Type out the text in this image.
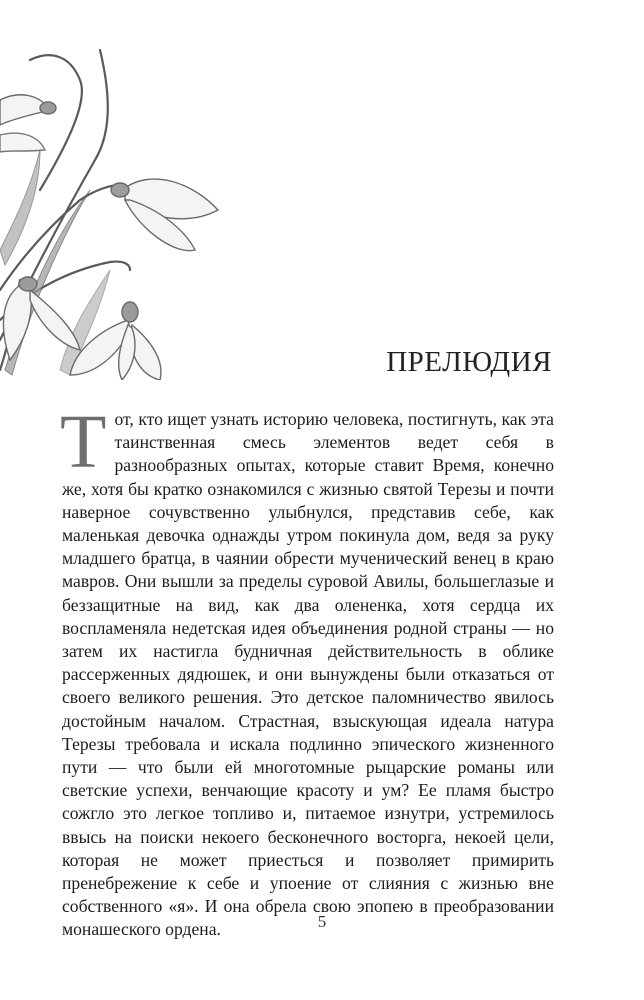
ПРЕЛЮДИЯ

Тот, кто ищет узнать историю человека, постигнуть, как эта таинственная смесь элементов ведет себя в разнообразных опытах, которые ставит Время, конечно же, хотя бы кратко ознакомился с жизнью святой Терезы и почти наверное сочувственно улыбнулся, представив себе, как маленькая девочка однажды утром покинула дом, ведя за руку младшего братца, в чаянии обрести мученический венец в краю мавров. Они вышли за пределы суровой Авилы, большеглазые и беззащитные на вид, как два олененка, хотя сердца их воспламеняла недетская идея объединения родной страны — но затем их настигла будничная действительность в облике рассерженных дядюшек, и они вынуждены были отказаться от своего великого решения. Это детское паломничество явилось достойным началом. Страстная, взыскующая идеала натура Терезы требовала и искала подлинно эпического жизненного пути — что были ей многотомные рыцарские романы или светские успехи, венчающие красоту и ум? Ее пламя быстро сожгло это легкое топливо и, питаемое изнутри, устремилось ввысь на поиски некоего бесконечного восторга, некоей цели, которая не может приесться и позволяет примирить пренебрежение к себе и упоение от слияния с жизнью вне собственного «я». И она обрела свою эпопею в преобразовании монашеского ордена.	5
